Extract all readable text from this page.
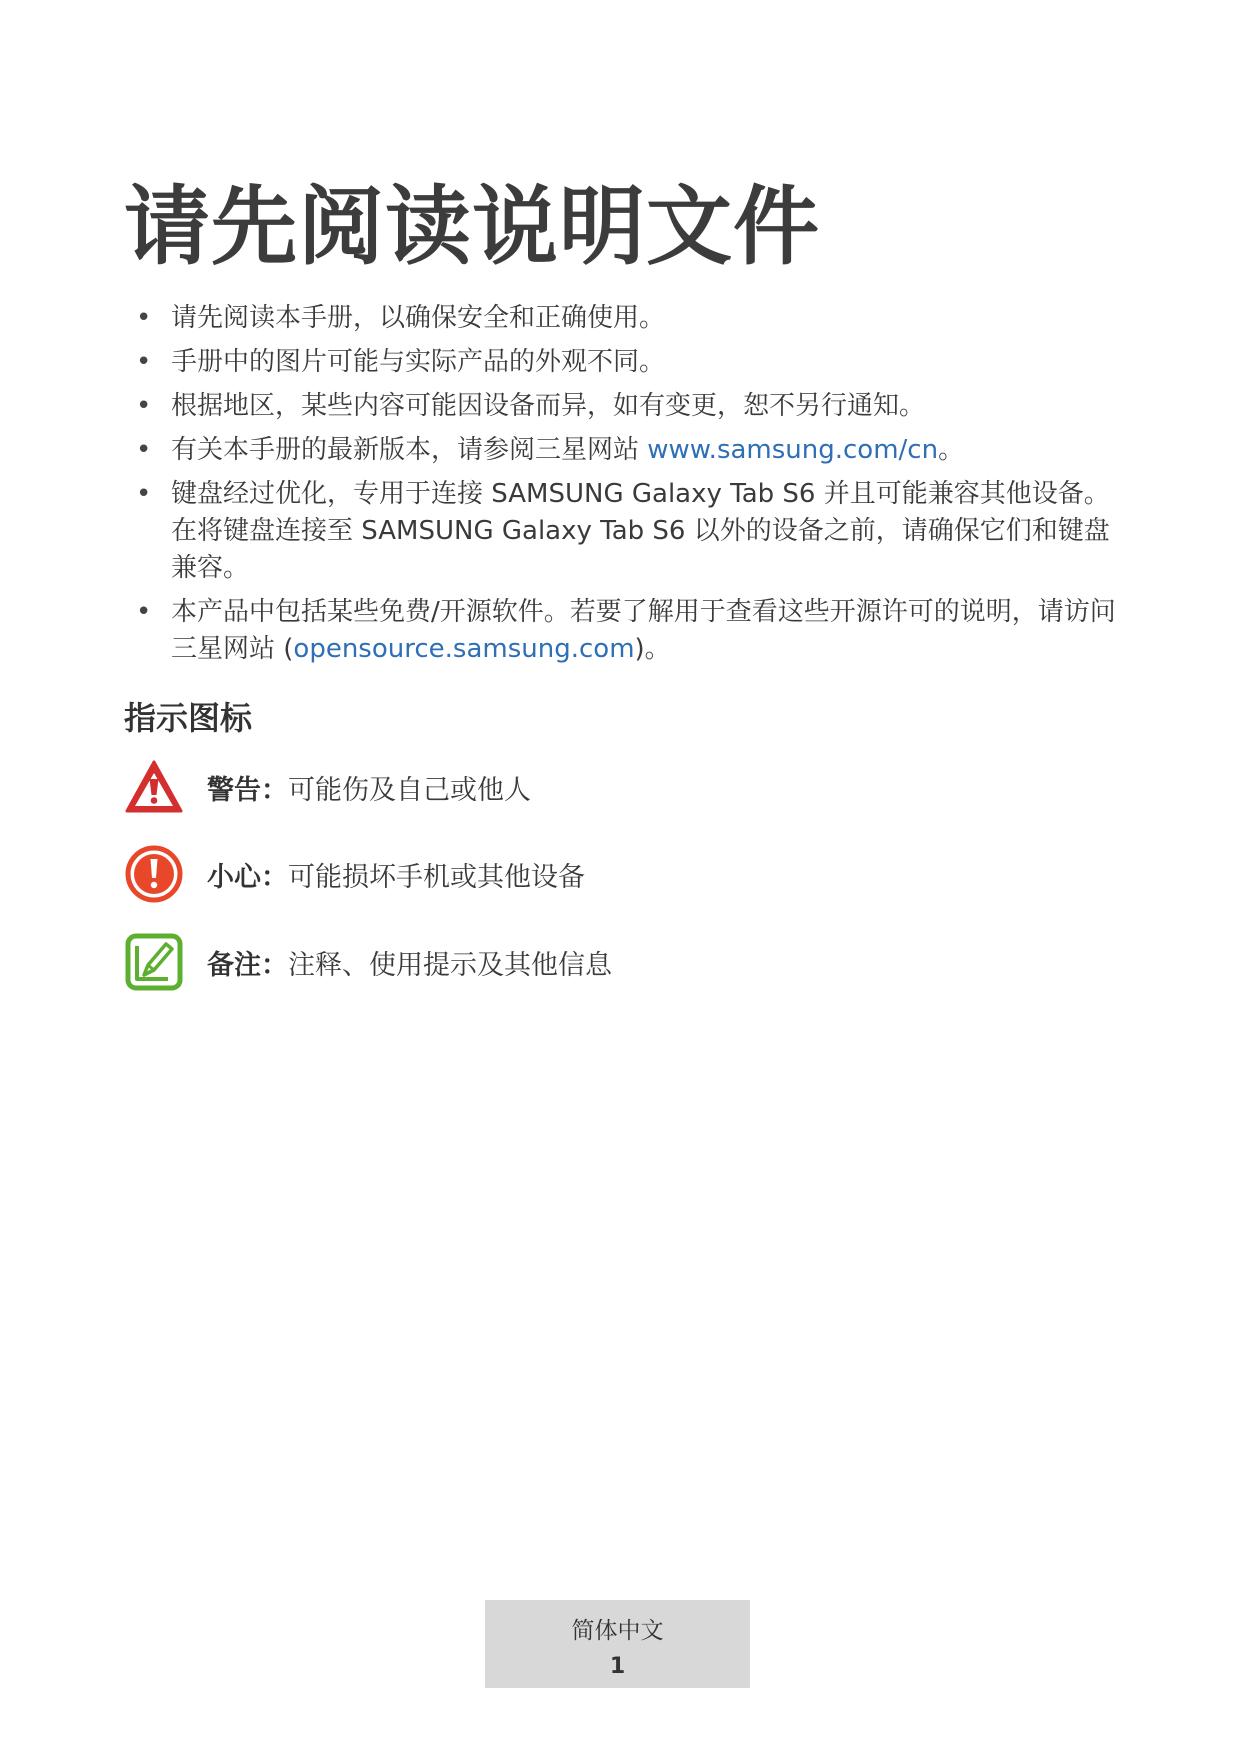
请先阅读说明文件
• 请先阅读本手册，以确保安全和正确使用。
• 手册中的图片可能与实际产品的外观不同。
• 根据地区，某些内容可能因设备而异，如有变更，恕不另行通知。
• 有关本手册的最新版本，请参阅三星网站 www.samsung.com/cn。
• 键盘经过优化，专用于连接 SAMSUNG Galaxy Tab S6 并且可能兼容其他设备。在将键盘连接至 SAMSUNG Galaxy Tab S6 以外的设备之前，请确保它们和键盘兼容。
• 本产品中包括某些免费/开源软件。若要了解用于查看这些开源许可的说明，请访问三星网站 (opensource.samsung.com)。
指示图标
警告：可能伤及自己或他人
小心：可能损坏手机或其他设备
备注：注释、使用提示及其他信息
简体中文
1
